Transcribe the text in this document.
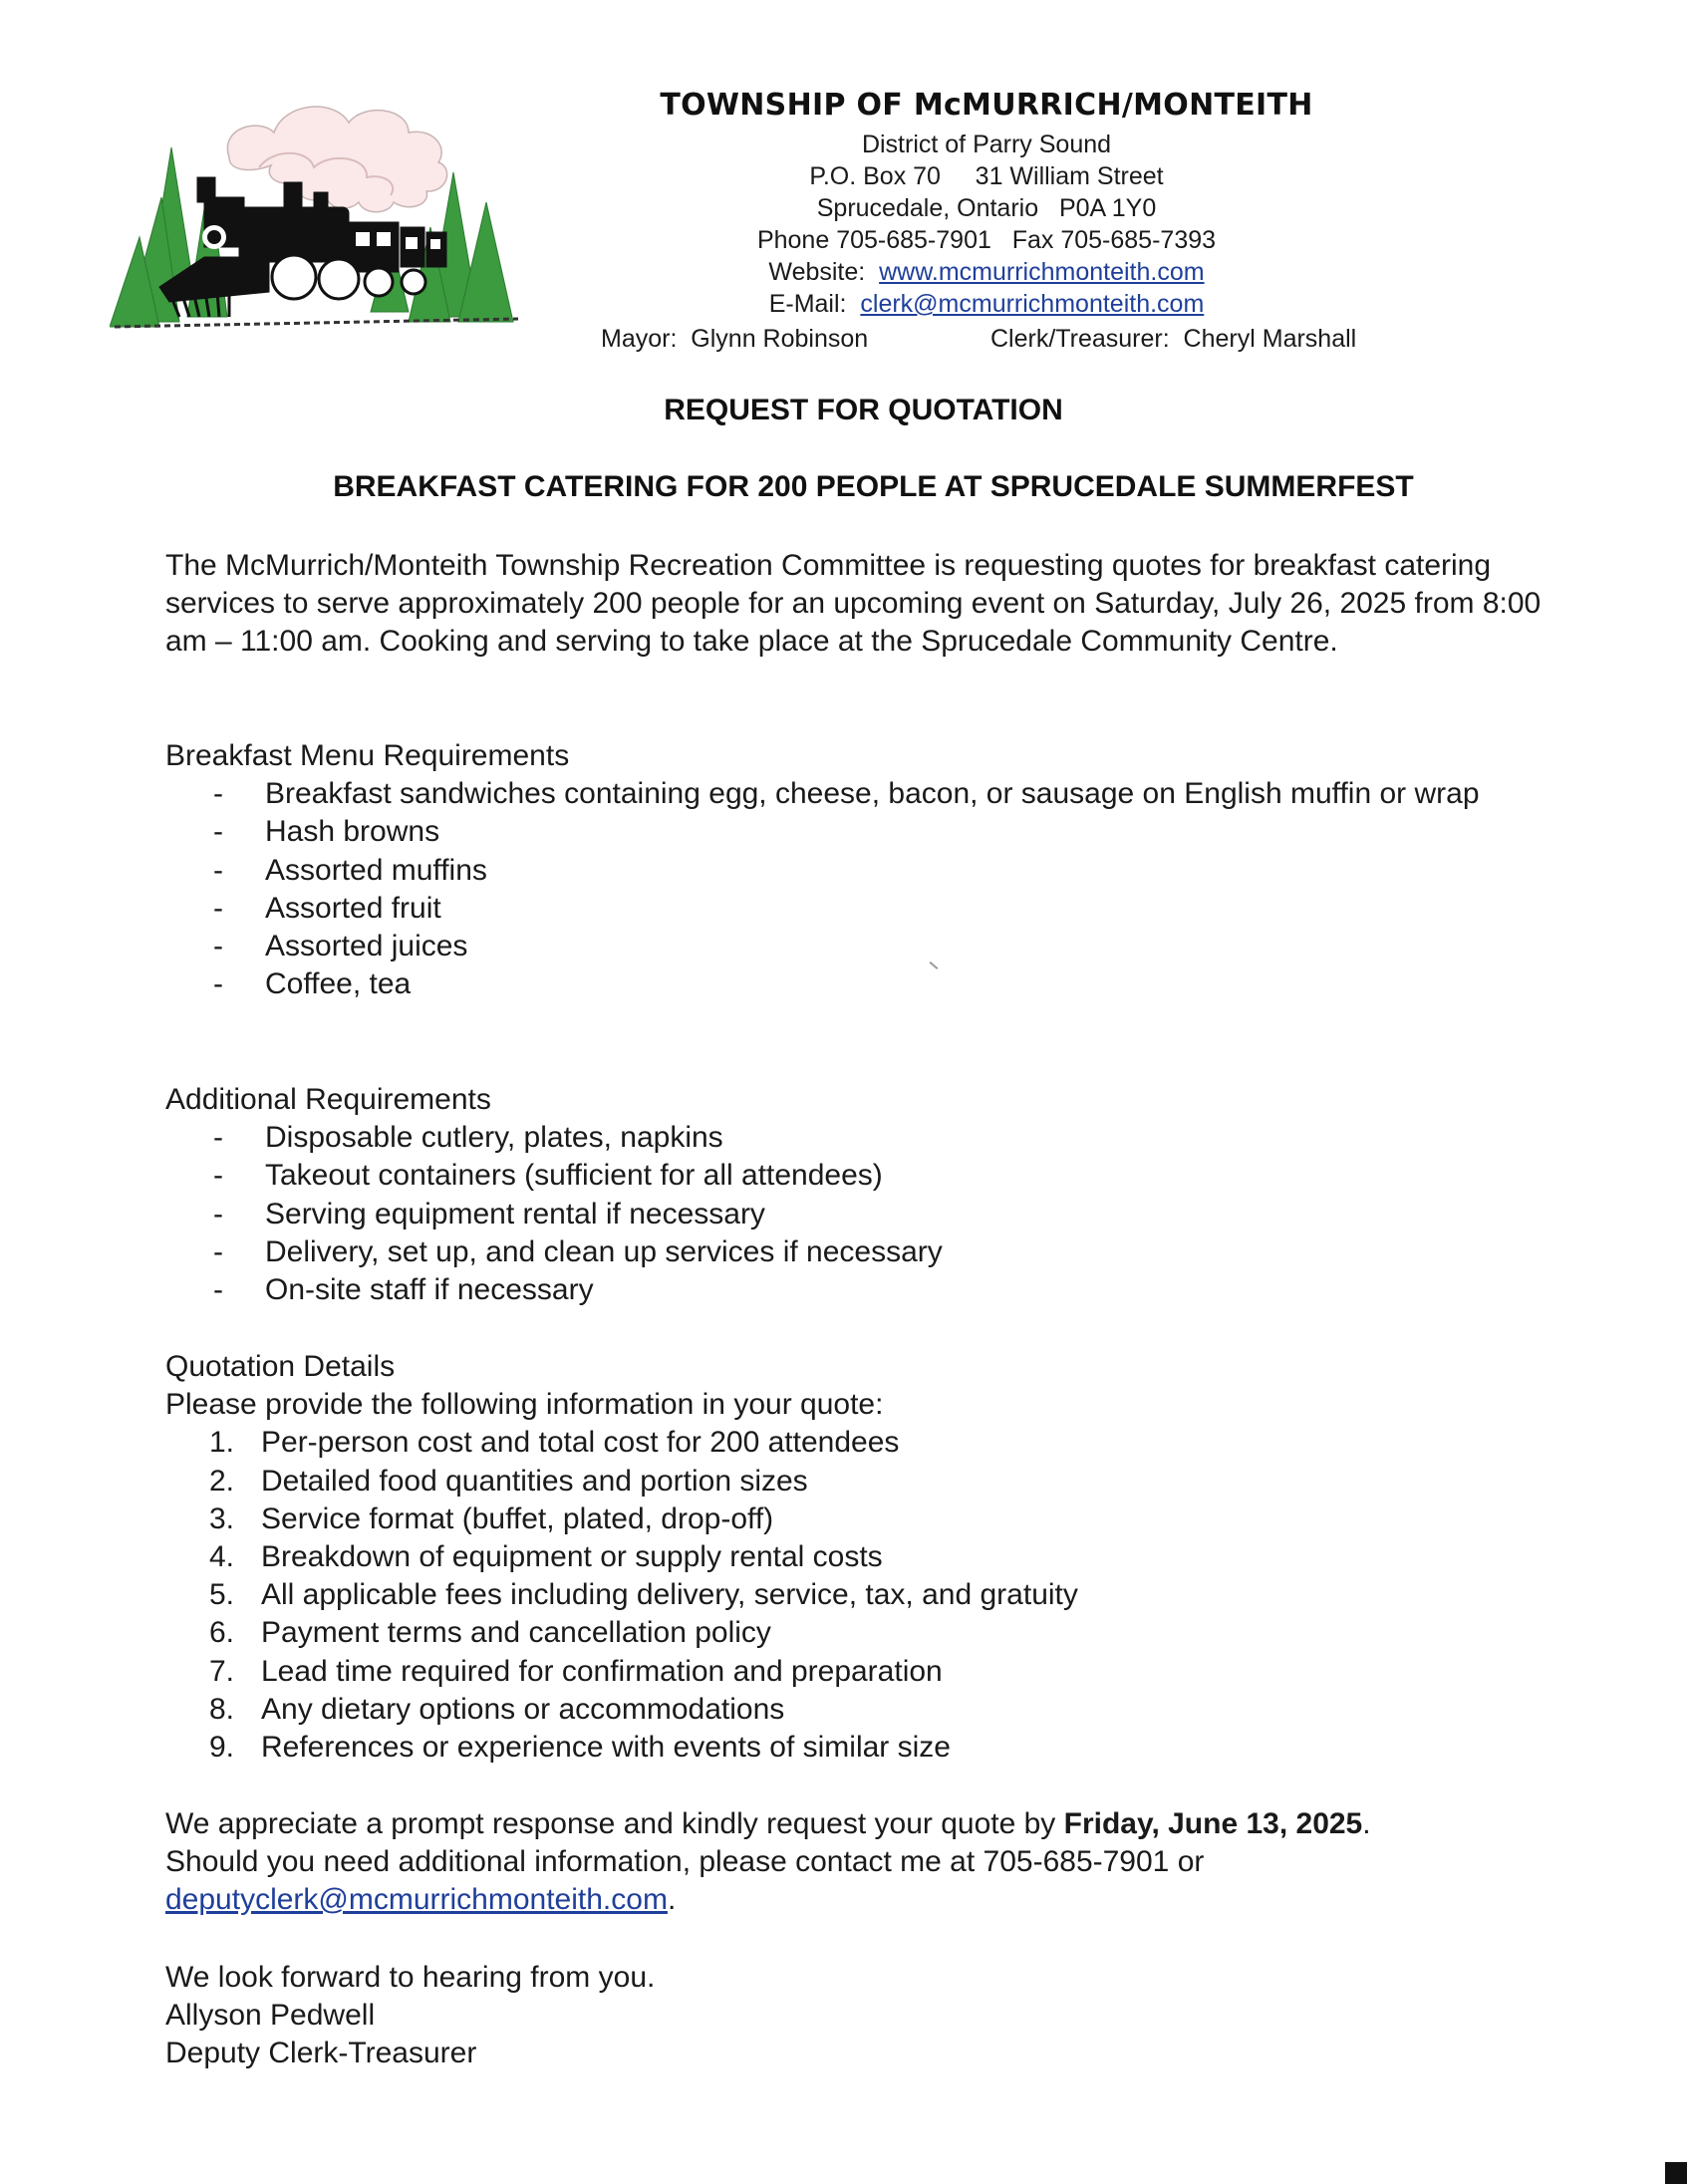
TOWNSHIP OF McMURRICH/MONTEITH
District of Parry Sound
P.O. Box 70     31 William Street
Sprucedale, Ontario   P0A 1Y0
Phone 705-685-7901   Fax 705-685-7393
Website:  www.mcmurrichmonteith.com
E-Mail:  clerk@mcmurrichmonteith.com
Mayor:  Glynn Robinson	Clerk/Treasurer:  Cheryl Marshall
REQUEST FOR QUOTATION
BREAKFAST CATERING FOR 200 PEOPLE AT SPRUCEDALE SUMMERFEST

The McMurrich/Monteith Township Recreation Committee is requesting quotes for breakfast catering services to serve approximately 200 people for an upcoming event on Saturday, July 26, 2025 from 8:00 am – 11:00 am. Cooking and serving to take place at the Sprucedale Community Centre.

Breakfast Menu Requirements

-	Breakfast sandwiches containing egg, cheese, bacon, or sausage on English muffin or wrap
-	Hash browns
-	Assorted muffins
-	Assorted fruit
-	Assorted juices
-	Coffee, tea

Additional Requirements

-	Disposable cutlery, plates, napkins
-	Takeout containers (sufficient for all attendees)
-	Serving equipment rental if necessary
-	Delivery, set up, and clean up services if necessary
-	On-site staff if necessary

Quotation Details

Please provide the following information in your quote:

1. Per-person cost and total cost for 200 attendees
2. Detailed food quantities and portion sizes
3. Service format (buffet, plated, drop-off)
4. Breakdown of equipment or supply rental costs
5. All applicable fees including delivery, service, tax, and gratuity
6. Payment terms and cancellation policy
7. Lead time required for confirmation and preparation
8. Any dietary options or accommodations
9. References or experience with events of similar size

We appreciate a prompt response and kindly request your quote by Friday, June 13, 2025.

Should you need additional information, please contact me at 705-685-7901 or

deputyclerk@mcmurrichmonteith.com.

We look forward to hearing from you.

Allyson Pedwell

Deputy Clerk-Treasurer
